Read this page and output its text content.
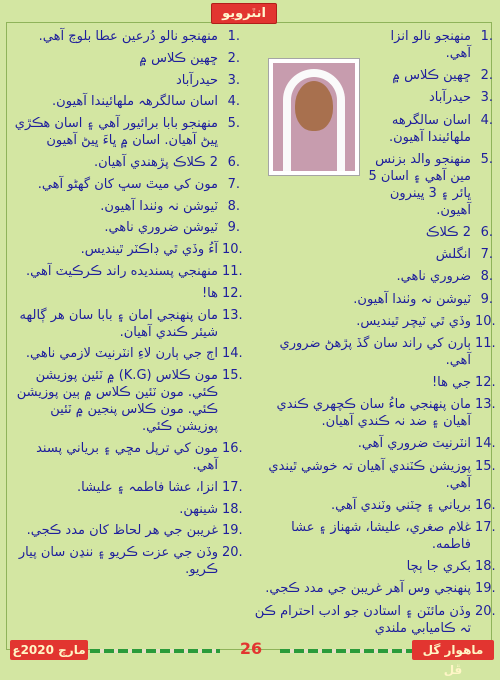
انٽرويو
1.
منهنجو نالو انزا آهي.
2.
ڇهين ڪلاس ۾
3.
حيدرآباد
4.
اسان سالگرهه ملهائيندا آهيون.
5.
منهنجو والد بزنس مين آهي ۽ اسان 5 ڀائر ۽ 3 ڀينرون آهيون.
6.
2 ڪلاڪ
7.
انگلش
8.
ضروري ناهي.
9.
ٽيوشن نہ وٺندا آهيون.
10.
وڏي ٿي ٽيچر ٿينديس.
11.
ٻارن کي راند سان گڏ پڙهڻ ضروري آهي.
12.
جي ها!
13.
مان پنهنجي ماءُ سان ڪچهري ڪندي آهيان ۽ ضد نہ ڪندي آهيان.
14.
انٽرنيٽ ضروري آهي.
15.
پوزيشن ڪٽندي آهيان تہ خوشي ٿيندي آهي.
16.
برياني ۽ چٽني وٽندي آهي.
17.
غلام صغري، عليشا، شهناز ۽ عشا فاطمه.
18.
بکري جا ٻچا
19.
پنهنجي وس آهر غريبن جي مدد ڪجي.
20.
وڏن مائٽن ۽ استادن جو ادب احترام ڪن تہ ڪاميابي ملندي
1.
منهنجو نالو دُرعين عطا بلوچ آهي.
2.
ڇهين ڪلاس ۾
3.
حيدرآباد
4.
اسان سالگرهہ ملهائيندا آهيون.
5.
منهنجو بابا برائيور آهي ۽ اسان هڪڙي ڀيڻ آهيان. اسان ۾ ڀاءَ ڀيڻ آهيون
6.
2 ڪلاڪ پڙهندي آهيان.
7.
مون کي ميٿ سڀ کان گهڻو آهي.
8.
ٽيوشن نہ وٺندا آهيون.
9.
ٽيوشن ضروري ناهي.
10.
آءُ وڏي ٿي ڊاڪٽر ٿينديس.
11.
منهنجي پسنديده راند ڪرڪيٽ آهي.
12.
ها!
13.
مان پنهنجي امان ۽ بابا سان هر ڳالهه شيئر ڪندي آهيان.
14.
اڄ جي ٻارن لاءِ انٽرنيٽ لازمي ناهي.
15.
مون ڪلاس (K.G) ۾ ٽئين پوزيشن ڪئي. مون ٽئين ڪلاس ۾ ٻين پوزيشن ڪئي. مون ڪلاس پنجين ۾ ٽئين پوزيشن ڪئي.
16.
مون کي ترپل مڇي ۽ برياني پسند آهي.
17.
انزا، عشا فاطمہ ۽ عليشا.
18.
شينهن.
19.
غريبن جي هر لحاظ کان مدد ڪجي.
20.
وڏن جي عزت ڪريو ۽ ننڍن سان پيار ڪريو.
مارچ 2020ع	26	ماهوار گل ڦل
